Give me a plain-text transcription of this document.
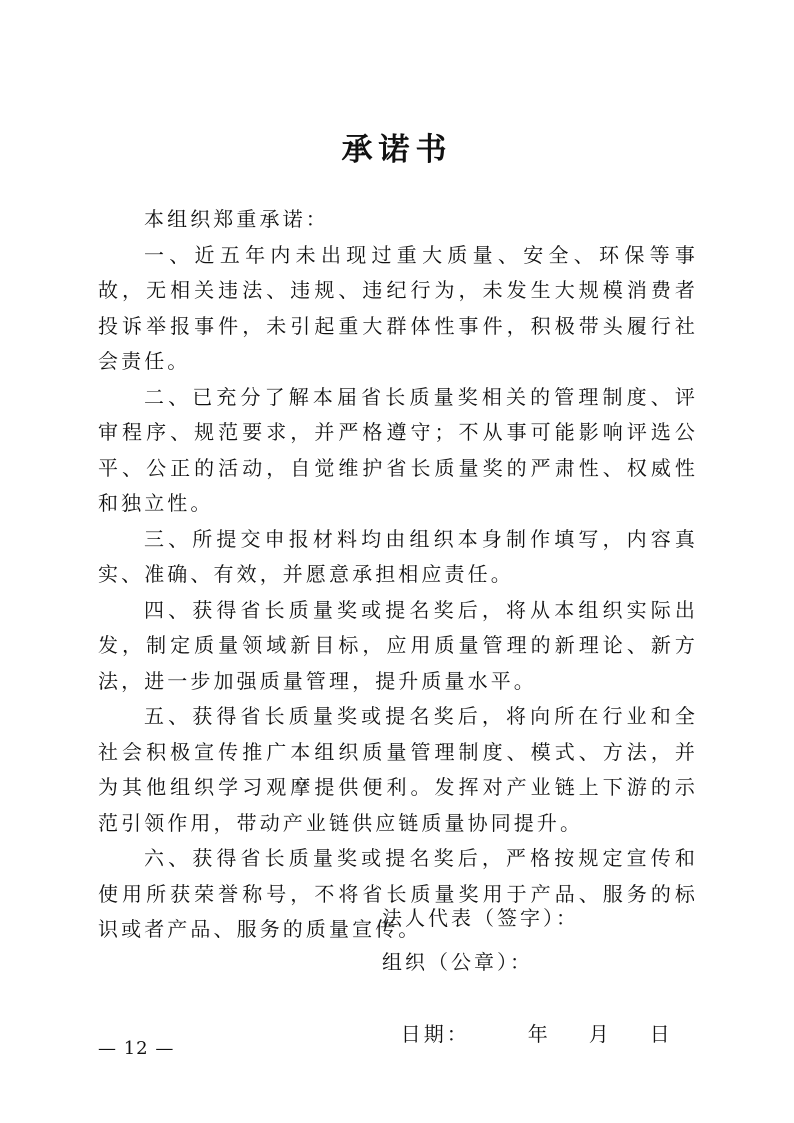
承诺书

本组织郑重承诺：

一、近五年内未出现过重大质量、安全、环保等事故，无相关违法、违规、违纪行为，未发生大规模消费者投诉举报事件，未引起重大群体性事件，积极带头履行社会责任。

二、已充分了解本届省长质量奖相关的管理制度、评审程序、规范要求，并严格遵守；不从事可能影响评选公平、公正的活动，自觉维护省长质量奖的严肃性、权威性和独立性。

三、所提交申报材料均由组织本身制作填写，内容真实、准确、有效，并愿意承担相应责任。

四、获得省长质量奖或提名奖后，将从本组织实际出发，制定质量领域新目标，应用质量管理的新理论、新方法，进一步加强质量管理，提升质量水平。

五、获得省长质量奖或提名奖后，将向所在行业和全社会积极宣传推广本组织质量管理制度、模式、方法，并为其他组织学习观摩提供便利。发挥对产业链上下游的示范引领作用，带动产业链供应链质量协同提升。

六、获得省长质量奖或提名奖后，严格按规定宣传和使用所获荣誉称号，不将省长质量奖用于产品、服务的标识或者产品、服务的质量宣传。

法人代表（签字）：
组织（公章）：

日期：	年 月 日

— 12 —
